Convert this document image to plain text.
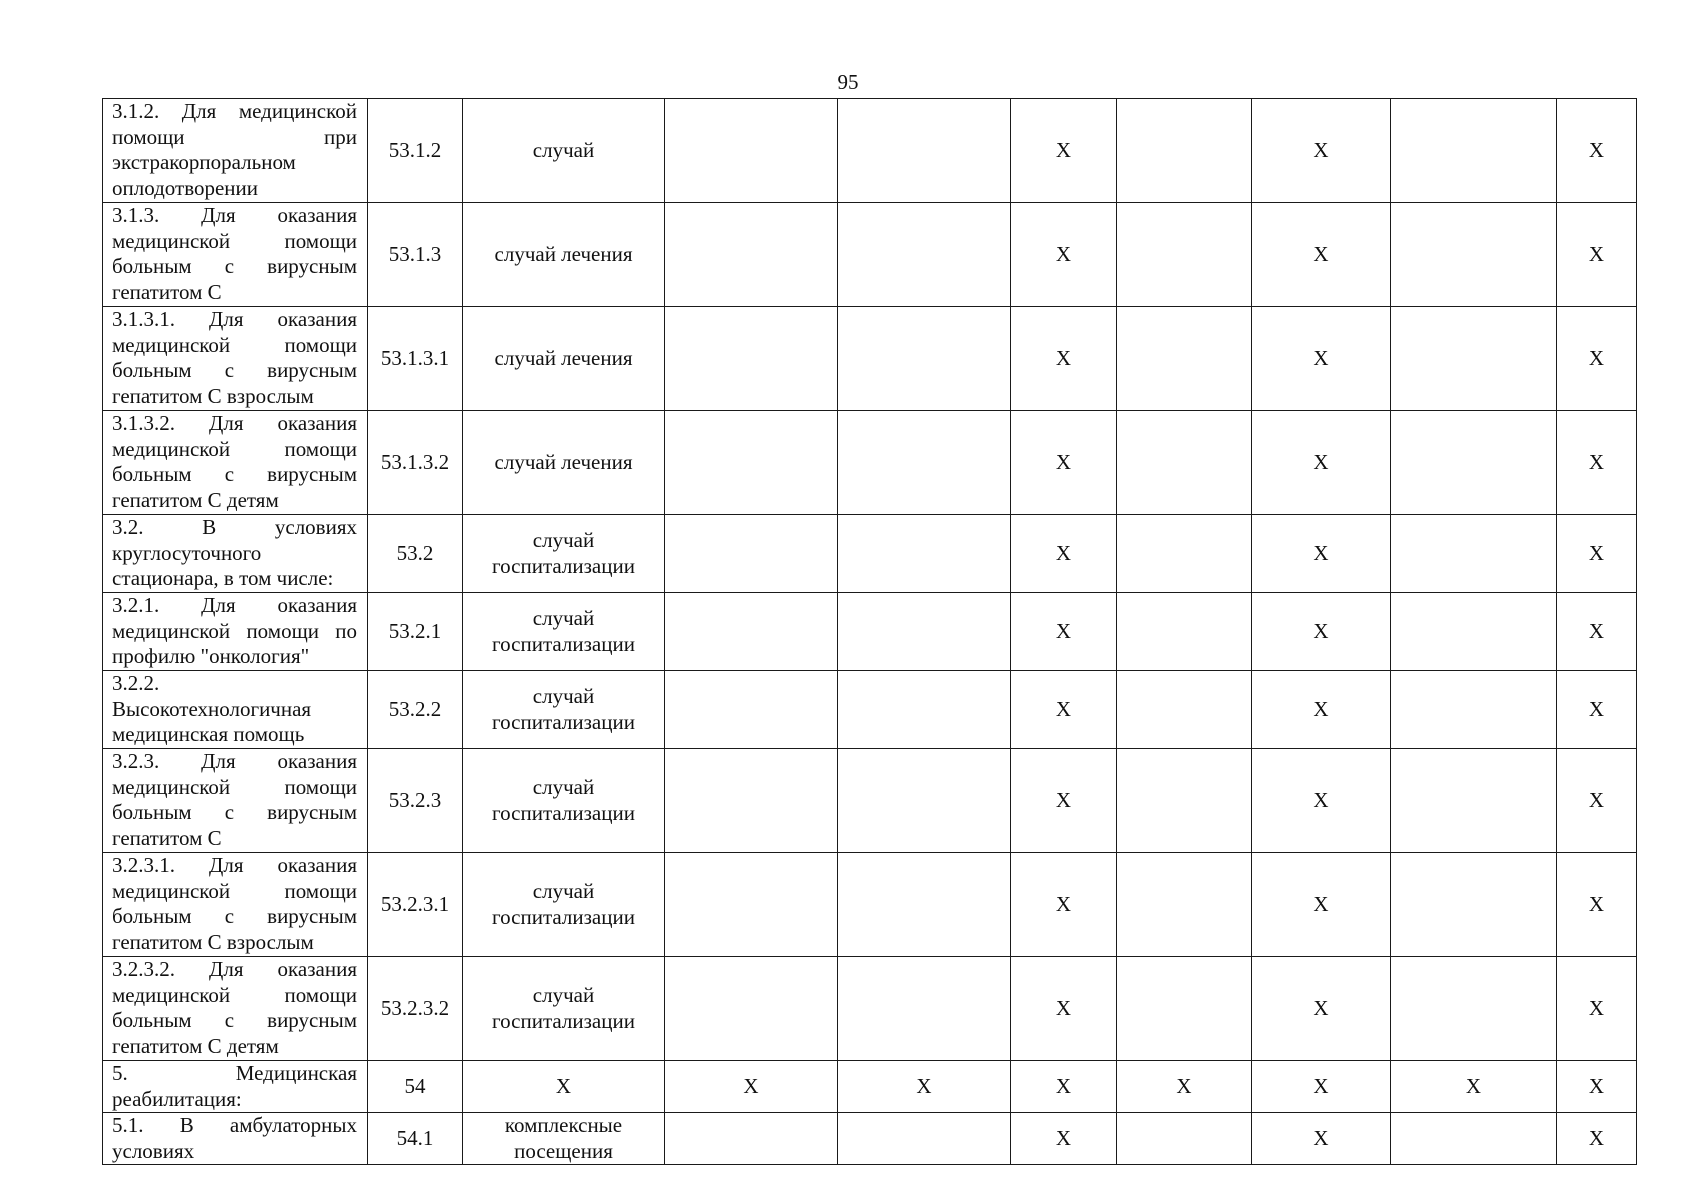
95
3.1.2. Для медицинской помощи при экстракорпоральном оплодотворении	53.1.2	случай			Х		Х		Х
3.1.3. Для оказания медицинской помощи больным с вирусным гепатитом С	53.1.3	случай лечения			Х		Х		Х
3.1.3.1. Для оказания медицинской помощи больным с вирусным гепатитом С взрослым	53.1.3.1	случай лечения			Х		Х		Х
3.1.3.2. Для оказания медицинской помощи больным с вирусным гепатитом С детям	53.1.3.2	случай лечения			Х		Х		Х
3.2. В условиях круглосуточного стационара, в том числе:	53.2	случай госпитализации			Х		Х		Х
3.2.1. Для оказания медицинской помощи по профилю "онкология"	53.2.1	случай госпитализации			Х		Х		Х
3.2.2. Высокотехнологичная медицинская помощь	53.2.2	случай госпитализации			Х		Х		Х
3.2.3. Для оказания медицинской помощи больным с вирусным гепатитом С	53.2.3	случай госпитализации			Х		Х		Х
3.2.3.1. Для оказания медицинской помощи больным с вирусным гепатитом С взрослым	53.2.3.1	случай госпитализации			Х		Х		Х
3.2.3.2. Для оказания медицинской помощи больным с вирусным гепатитом С детям	53.2.3.2	случай госпитализации			Х		Х		Х
5. Медицинская реабилитация:	54	Х	Х	Х	Х	Х	Х	Х	Х
5.1. В амбулаторных условиях	54.1	комплексные посещения			Х		Х		Х
